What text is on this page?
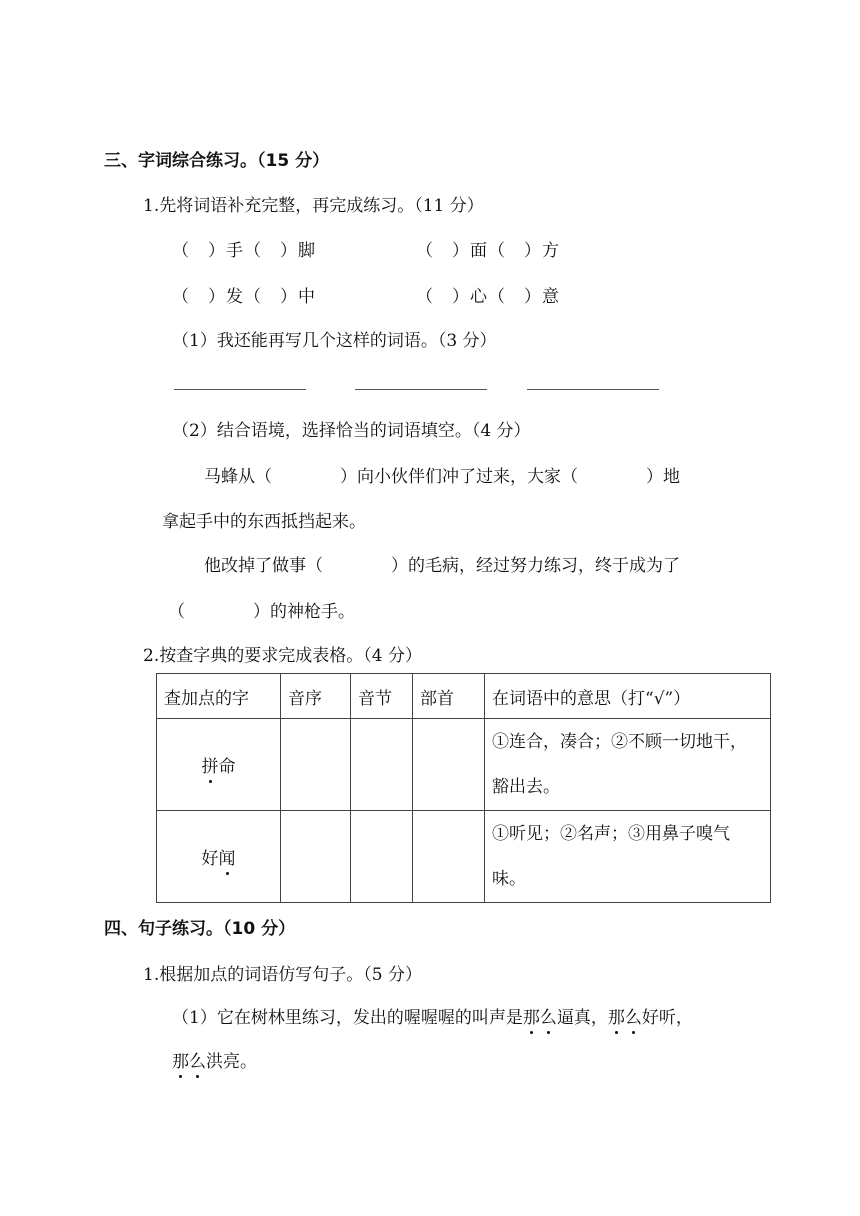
三、字词综合练习。（15 分）
1.先将词语补充完整，再完成练习。（11 分）
（　）手（　）脚	（　）面（　）方
（　）发（　）中	（　）心（　）意
（1）我还能再写几个这样的词语。（3 分）
（2）结合语境，选择恰当的词语填空。（4 分）
马蜂从（　　　　）向小伙伴们冲了过来，大家（　　　　）地
拿起手中的东西抵挡起来。
他改掉了做事（　　　　）的毛病，经过努力练习，终于成为了
（　　　　）的神枪手。
2.按查字典的要求完成表格。（4 分）
查加点的字	音序	音节	部首	在词语中的意思（打“√”）
拼命				①连合，凑合；②不顾一切地干，豁出去。
好闻				①听见；②名声；③用鼻子嗅气味。
四、句子练习。（10 分）
1.根据加点的词语仿写句子。（5 分）
（1）它在树林里练习，发出的喔喔喔的叫声是那么逼真，那么好听，
那么洪亮。
